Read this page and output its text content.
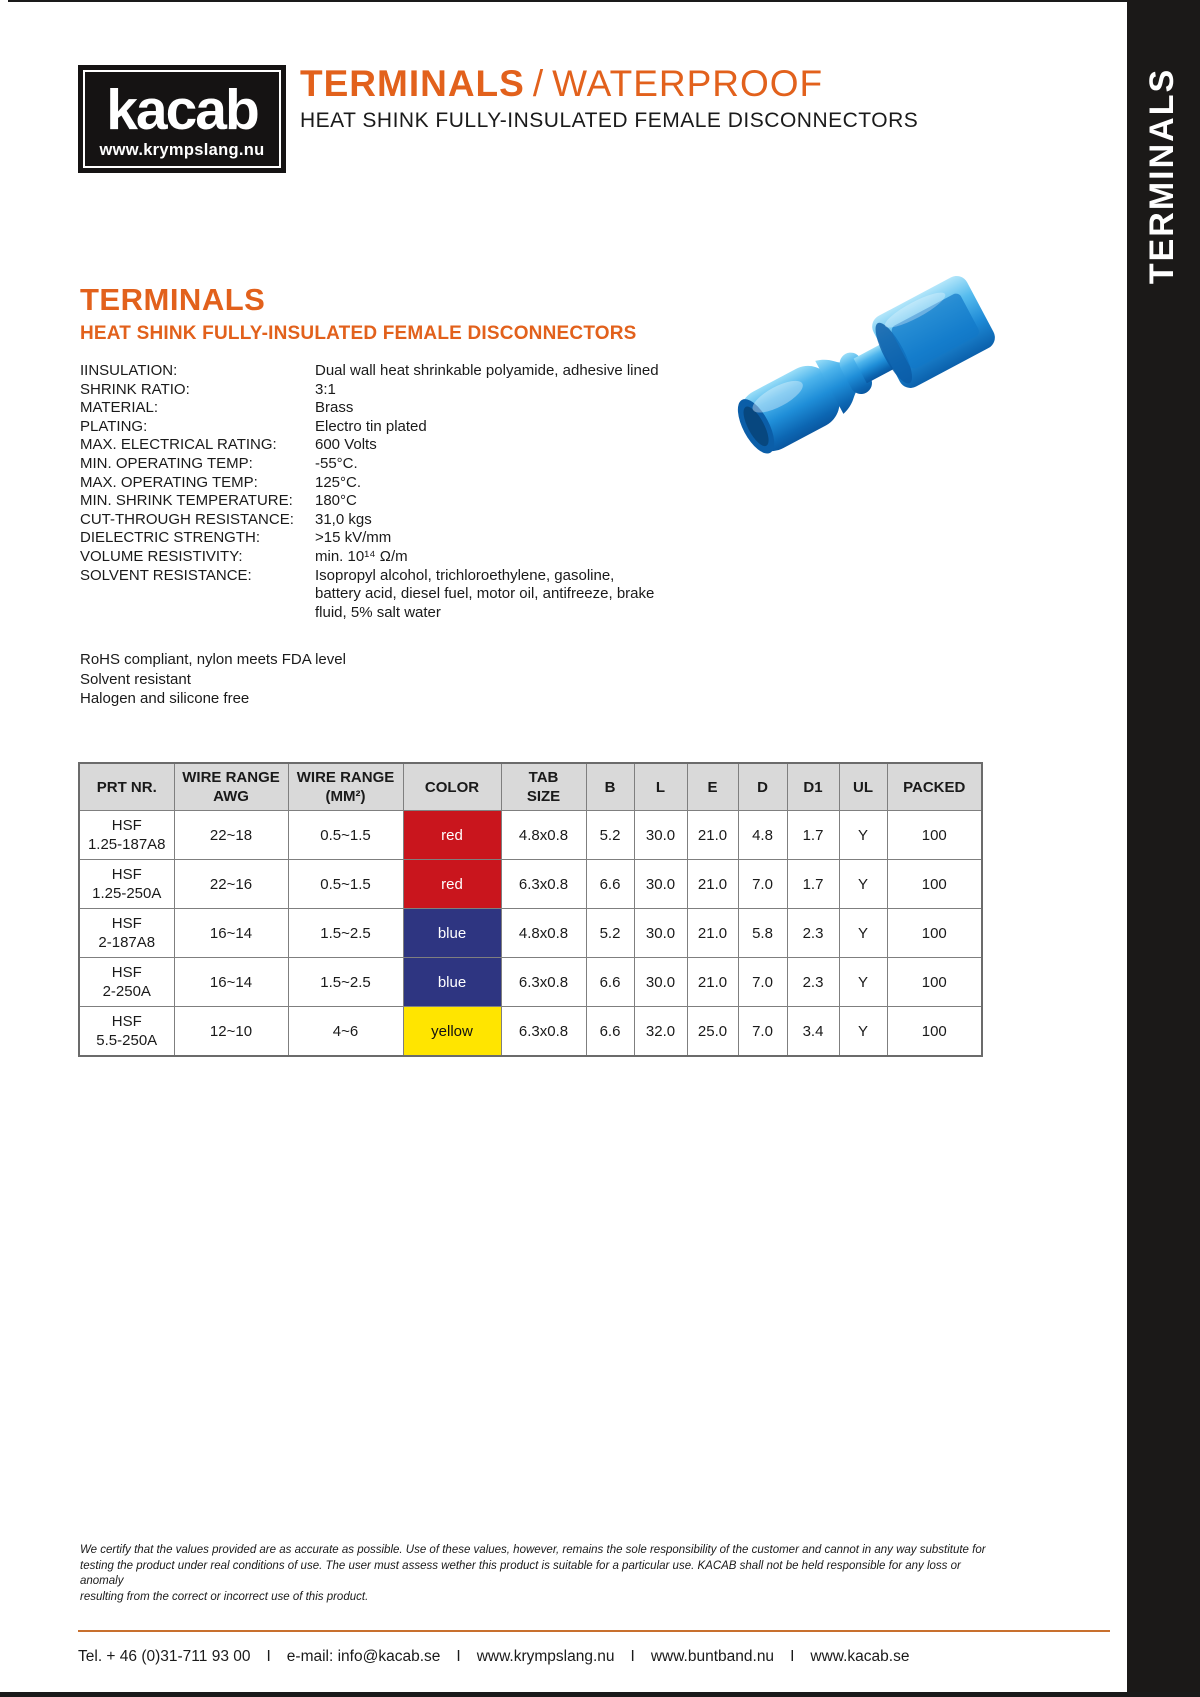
TERMINALS
kacab
www.krympslang.nu
TERMINALS / WATERPROOF
HEAT SHINK FULLY-INSULATED FEMALE DISCONNECTORS
TERMINALS
HEAT SHINK FULLY-INSULATED FEMALE DISCONNECTORS
IINSULATION:	Dual wall heat shrinkable polyamide, adhesive lined
SHRINK RATIO:	3:1
MATERIAL:	Brass
PLATING:	Electro tin plated
MAX. ELECTRICAL RATING:	600 Volts
MIN. OPERATING TEMP:	-55°C.
MAX. OPERATING TEMP:	125°C.
MIN. SHRINK TEMPERATURE:	180°C
CUT-THROUGH RESISTANCE:	31,0 kgs
DIELECTRIC STRENGTH:	>15 kV/mm
VOLUME RESISTIVITY:	min. 10¹⁴ Ω/m
SOLVENT RESISTANCE:	Isopropyl alcohol, trichloroethylene, gasoline,
battery acid, diesel fuel, motor oil, antifreeze, brake
fluid, 5% salt water
RoHS compliant, nylon meets FDA level
Solvent resistant
Halogen and silicone free
PRT NR.	WIRE RANGE
AWG	WIRE RANGE
(MM²)	COLOR	TAB
SIZE	B	L	E	D	D1	UL	PACKED
HSF
1.25-187A8	22~18	0.5~1.5	red	4.8x0.8	5.2	30.0	21.0	4.8	1.7	Y	100
HSF
1.25-250A	22~16	0.5~1.5	red	6.3x0.8	6.6	30.0	21.0	7.0	1.7	Y	100
HSF
2-187A8	16~14	1.5~2.5	blue	4.8x0.8	5.2	30.0	21.0	5.8	2.3	Y	100
HSF
2-250A	16~14	1.5~2.5	blue	6.3x0.8	6.6	30.0	21.0	7.0	2.3	Y	100
HSF
5.5-250A	12~10	4~6	yellow	6.3x0.8	6.6	32.0	25.0	7.0	3.4	Y	100
We certify that the values provided are as accurate as possible. Use of these values, however, remains the sole responsibility of the customer and cannot in any way substitute for
testing the product under real conditions of use. The user must assess wether this product is suitable for a particular use. KACAB shall not be held responsible for any loss or anomaly
resulting from the correct or incorrect use of this product.
Tel. + 46 (0)31-711 93 00 I e-mail: info@kacab.se I www.krympslang.nu I www.buntband.nu I www.kacab.se
